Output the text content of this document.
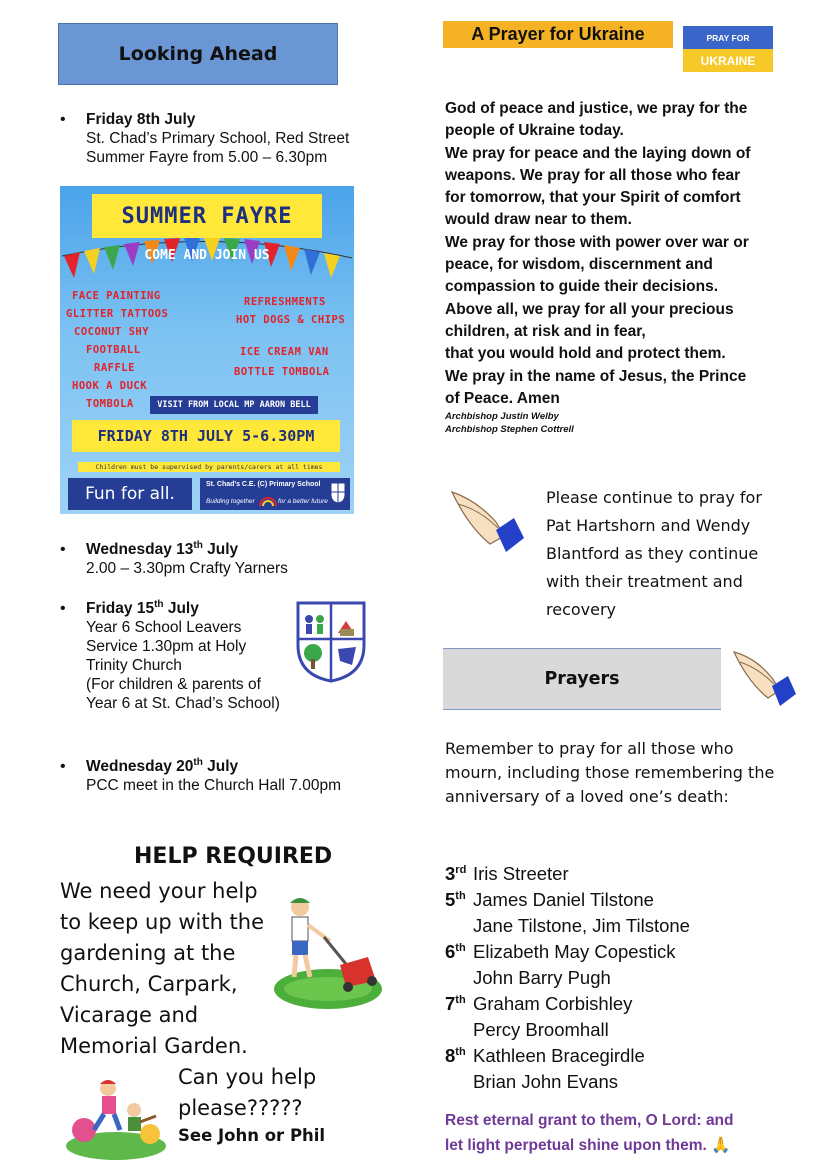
Looking Ahead
• Friday 8th July
St. Chad’s Primary School, Red Street
Summer Fayre from 5.00 – 6.30pm
SUMMER FAYRE
COME AND JOIN US
FACE PAINTING
GLITTER TATTOOS
COCONUT SHY
FOOTBALL
RAFFLE
HOOK A DUCK
TOMBOLA
REFRESHMENTS
HOT DOGS & CHIPS
ICE CREAM VAN
BOTTLE TOMBOLA
VISIT FROM LOCAL MP AARON BELL
FRIDAY 8TH JULY 5-6.30PM
Children must be supervised by parents/carers at all times
Fun for all.	St. Chad’s C.E. (C) Primary School
Building together	for a better future
• Wednesday 13th July
2.00 – 3.30pm Crafty Yarners
• Friday 15th July
Year 6 School Leavers
Service 1.30pm at Holy
Trinity Church
(For children & parents of
Year 6 at St. Chad’s School)
• Wednesday 20th July
PCC meet in the Church Hall 7.00pm
HELP REQUIRED
We need your help
to keep up with the
gardening at the
Church, Carpark,
Vicarage and
Memorial Garden.
Can you help
please?????
See John or Phil
A Prayer for Ukraine	PRAY FOR
UKRAINE
God of peace and justice, we pray for the
people of Ukraine today.
We pray for peace and the laying down of
weapons. We pray for all those who fear
for tomorrow, that your Spirit of comfort
would draw near to them.
We pray for those with power over war or
peace, for wisdom, discernment and
compassion to guide their decisions.
Above all, we pray for all your precious
children, at risk and in fear,
that you would hold and protect them.
We pray in the name of Jesus, the Prince
of Peace. Amen
Archbishop Justin Welby
Archbishop Stephen Cottrell
Please continue to pray for
Pat Hartshorn and Wendy
Blantford as they continue
with their treatment and
recovery
Prayers
Remember to pray for all those who
mourn, including those remembering the
anniversary of a loved one’s death:
3rd Iris Streeter
5th James Daniel Tilstone
Jane Tilstone, Jim Tilstone
6th Elizabeth May Copestick
John Barry Pugh
7th Graham Corbishley
Percy Broomhall
8th Kathleen Bracegirdle
Brian John Evans
Rest eternal grant to them, O Lord: and
let light perpetual shine upon them. 🙏
